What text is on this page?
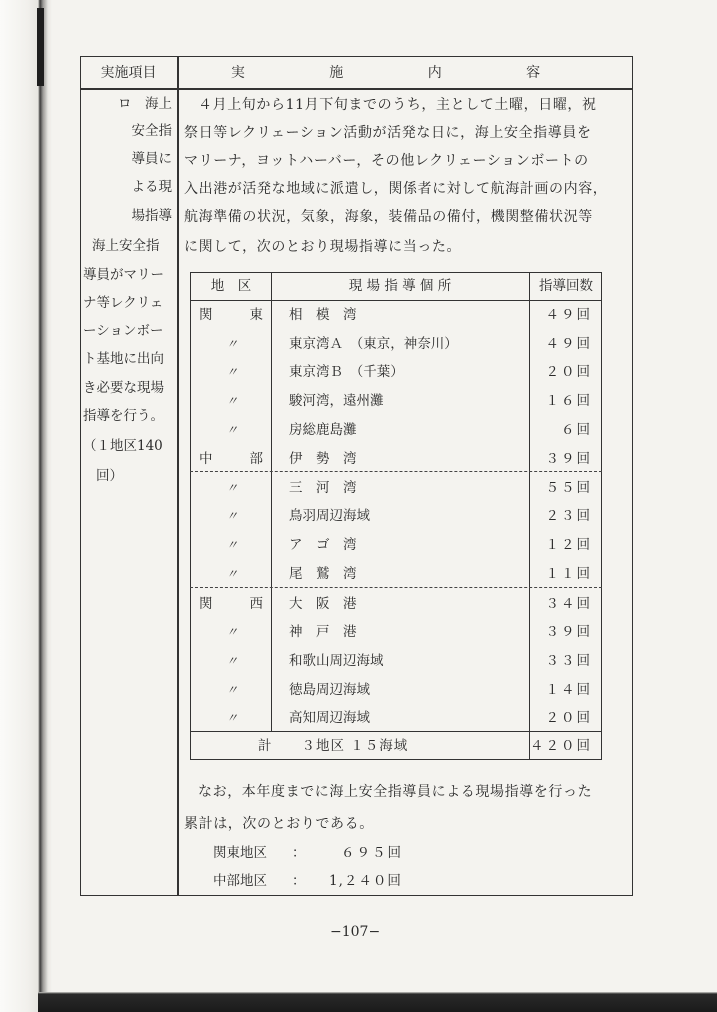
実施項目	実 施 内 容
ロ　海上
安全指
導員に
よる現
場指導
海上安全指
導員がマリー
ナ等レクリェ
ーションボー
ト基地に出向
き必要な現場
指導を行う。
（１地区140
回）
４月上旬から11月下旬までのうち，主として土曜，日曜，祝
祭日等レクリェーション活動が活発な日に，海上安全指導員を
マリーナ，ヨットハーバー，その他レクリェーションボートの
入出港が活発な地域に派遣し，関係者に対して航海計画の内容，
航海準備の状況，気象，海象，装備品の備付，機関整備状況等
に関して，次のとおり現場指導に当った。
地　区	現 場 指 導 個 所	指導回数
関　東 相　模　湾	４９回
〃	東京湾Ａ　（東京，神奈川）	４９回
〃	東京湾Ｂ　（千葉）	２０回
〃	駿河湾，遠州灘	１６回
〃	房総鹿島灘	６回
中　部 伊　勢　湾	３９回
〃	三　河　湾	５５回
〃	鳥羽周辺海域	２３回
〃	ア　ゴ　湾	１２回
〃	尾　鷲　湾	１１回
関　西 大　阪　港	３４回
〃	神　戸　港	３９回
〃	和歌山周辺海域	３３回
〃	徳島周辺海域	１４回
〃	高知周辺海域	２０回
計　　３地区 １５海域	４２０回
なお，本年度までに海上安全指導員による現場指導を行った
累計は，次のとおりである。
関東地区 ：	６９５回
中部地区 ： 1,２４０回
−107−
